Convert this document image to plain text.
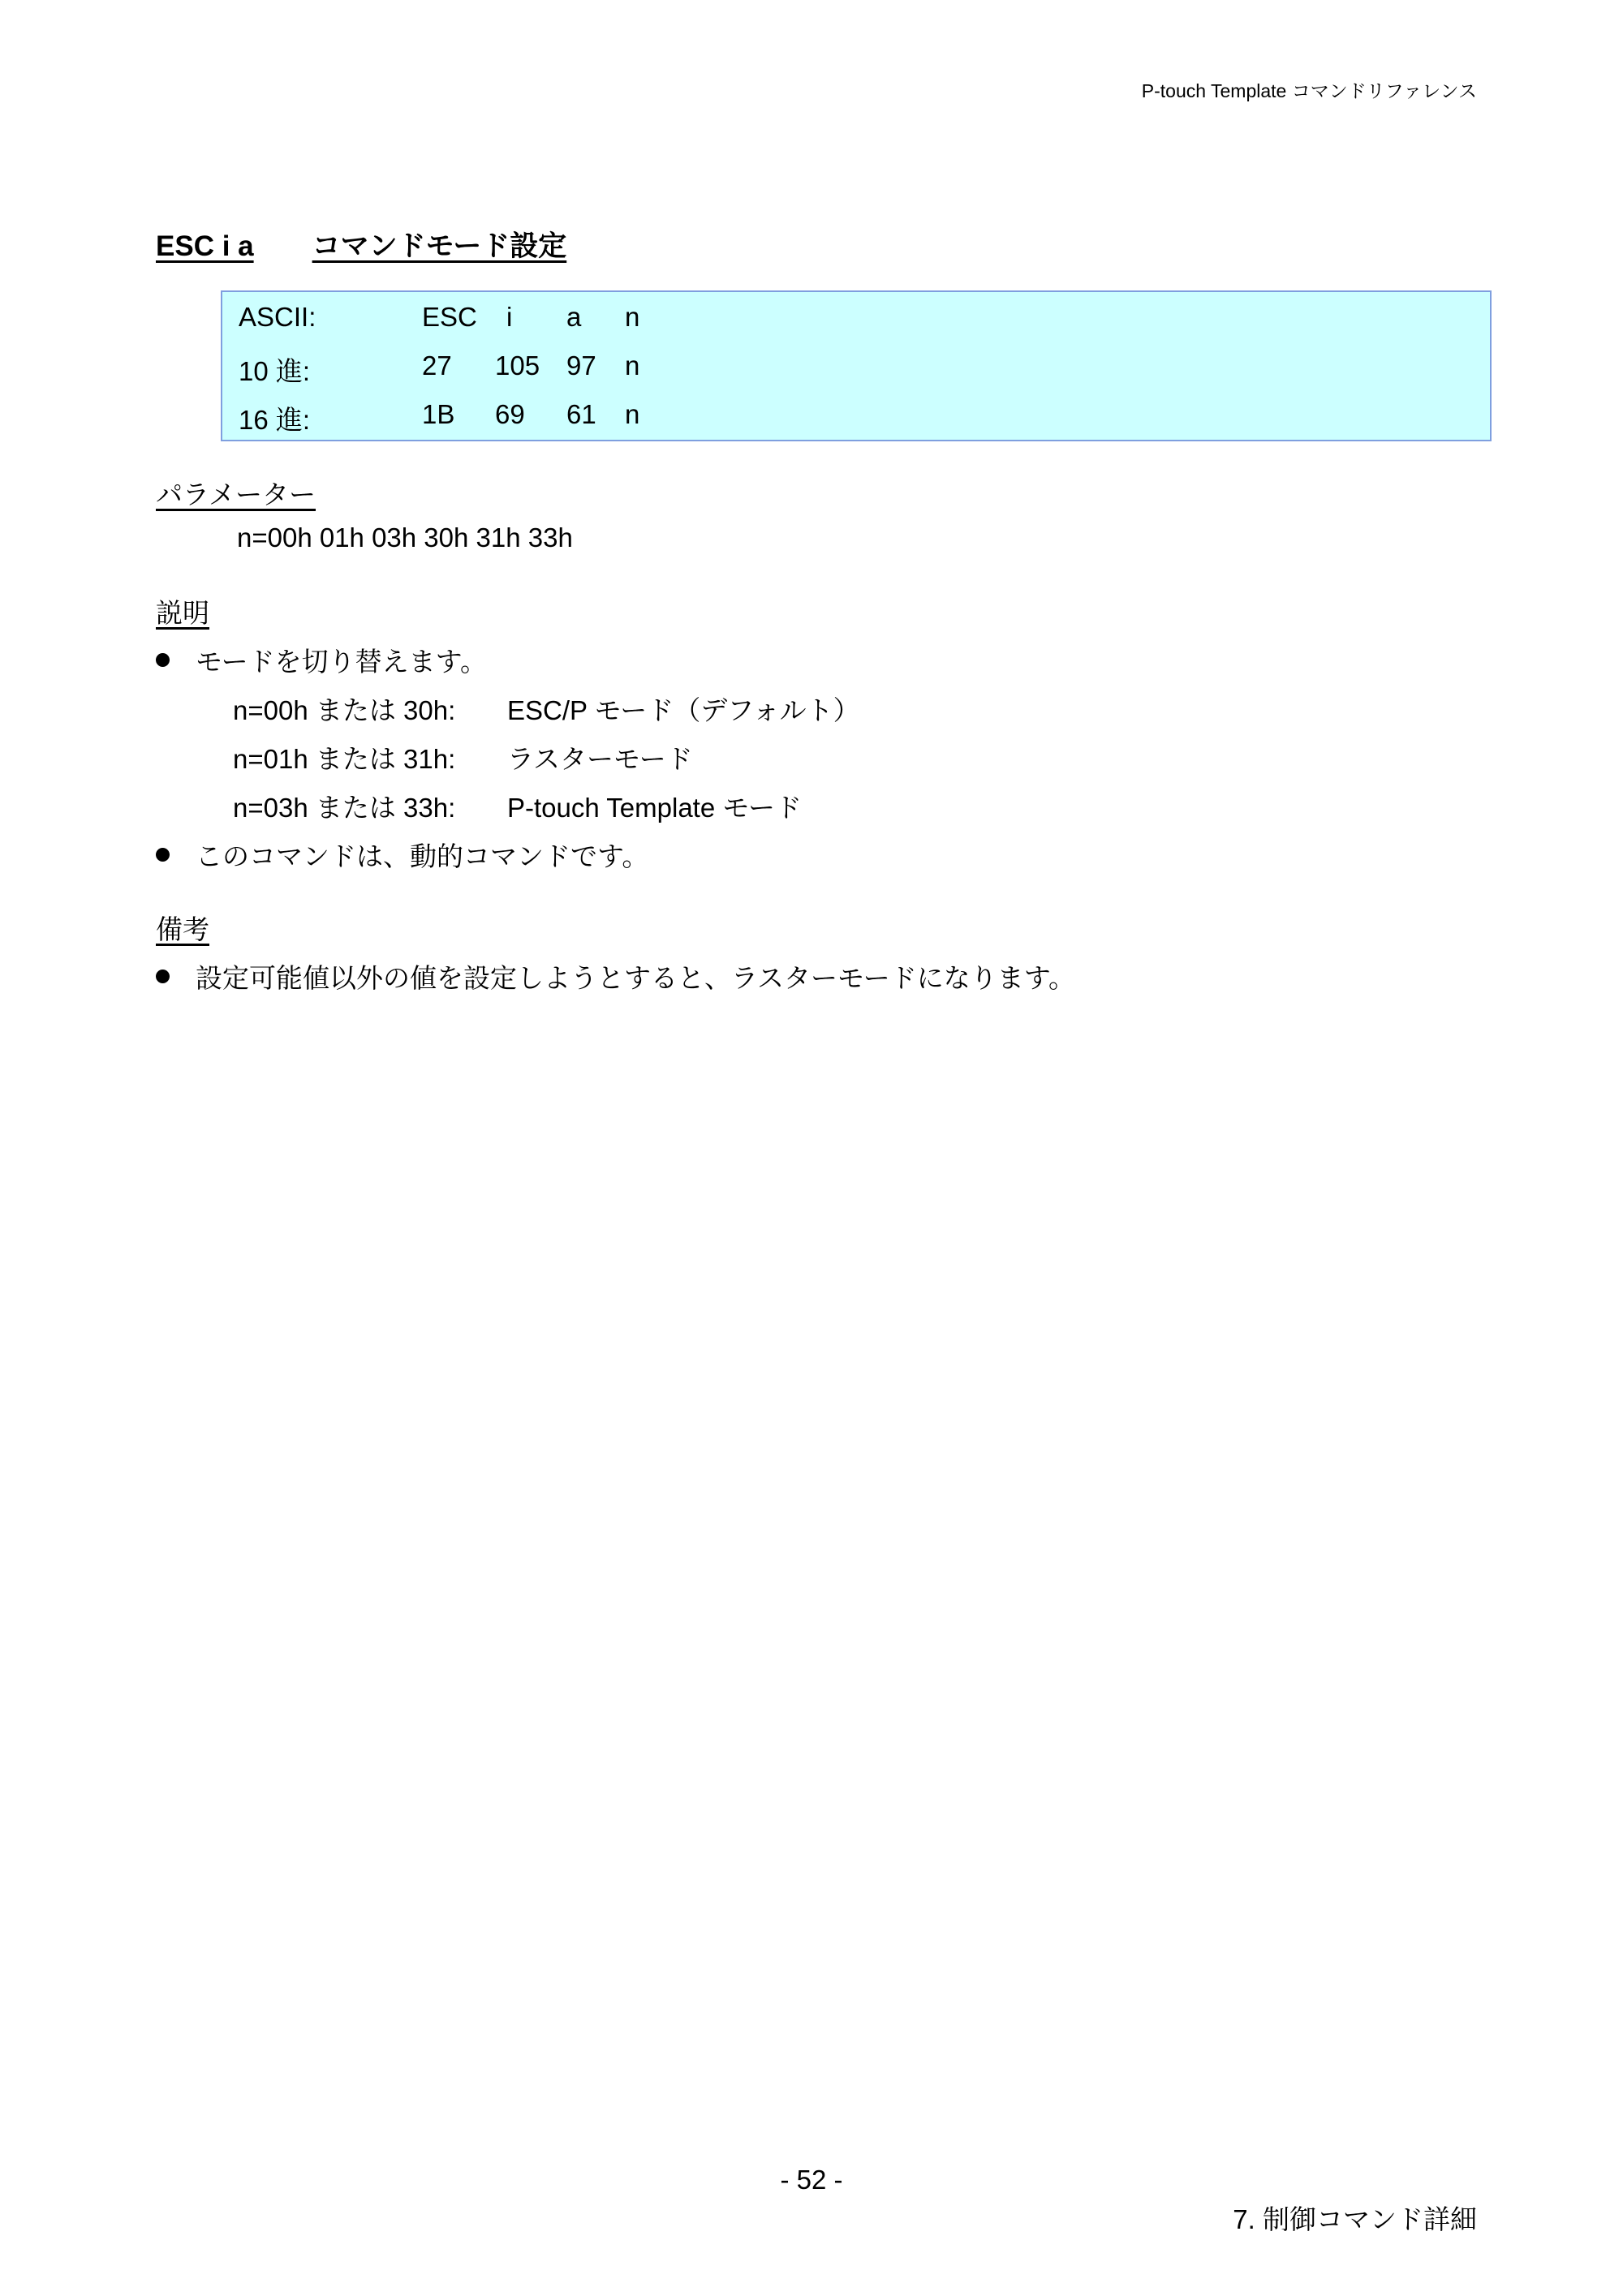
P-touch Template コマンドリファレンス
ESC i a コマンドモード設定
ASCII:	ESC i a n
10 進:	27 105 97 n
16 進:	1B 69 61 n
パラメーター
n=00h 01h 03h 30h 31h 33h
説明
モードを切り替えます。
n=00h または 30h: ESC/P モード（デフォルト）
n=01h または 31h: ラスターモード
n=03h または 33h: P-touch Template モード
このコマンドは、動的コマンドです。
備考
設定可能値以外の値を設定しようとすると、ラスターモードになります。
- 52 -
7. 制御コマンド詳細
